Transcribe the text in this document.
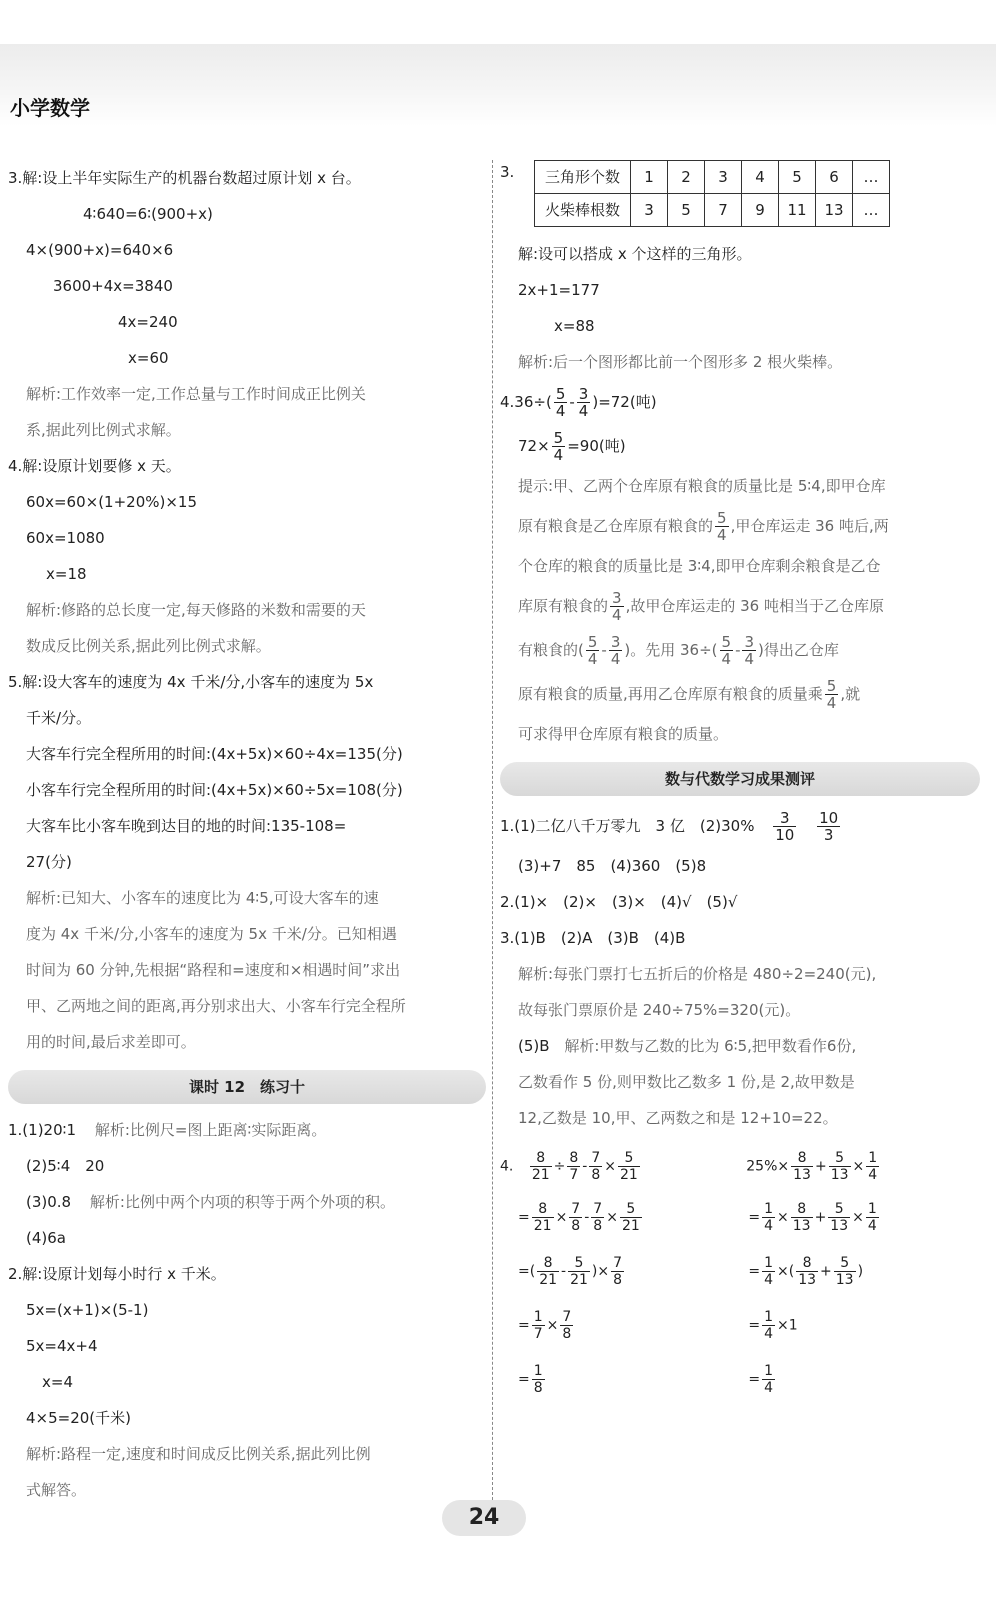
小学数学
3.解:设上半年实际生产的机器台数超过原计划 x 台。
4∶640=6∶(900+x)
4×(900+x)=640×6
3600+4x=3840
4x=240
x=60
解析:工作效率一定,工作总量与工作时间成正比例关
系,据此列比例式求解。
4.解:设原计划要修 x 天。
60x=60×(1+20%)×15
60x=1080
x=18
解析:修路的总长度一定,每天修路的米数和需要的天
数成反比例关系,据此列比例式求解。
5.解:设大客车的速度为 4x 千米/分,小客车的速度为 5x
千米/分。
大客车行完全程所用的时间:(4x+5x)×60÷4x=135(分)
小客车行完全程所用的时间:(4x+5x)×60÷5x=108(分)
大客车比小客车晚到达目的地的时间:135-108=
27(分)
解析:已知大、小客车的速度比为 4∶5,可设大客车的速
度为 4x 千米/分,小客车的速度为 5x 千米/分。已知相遇
时间为 60 分钟,先根据“路程和=速度和×相遇时间”求出
甲、乙两地之间的距离,再分别求出大、小客车行完全程所
用的时间,最后求差即可。
课时 12　练习十
1.(1)20∶1 解析:比例尺=图上距离∶实际距离。
(2)5∶4　20
(3)0.8 解析:比例中两个内项的积等于两个外项的积。
(4)6a
2.解:设原计划每小时行 x 千米。
5x=(x+1)×(5-1)
5x=4x+4
x=4
4×5=20(千米)
解析:路程一定,速度和时间成反比例关系,据此列比例
式解答。
3. 三角形个数	1	2	3	4	5	6	…
火柴棒根数	3	5	7	9	11	13	…
解:设可以搭成 x 个这样的三角形。
2x+1=177
x=88
解析:后一个图形都比前一个图形多 2 根火柴棒。
$4.36\div( \frac{5}{4} - \frac{3}{4} )=72$(吨)
$72\times \frac{5}{4} =90$(吨)
提示:甲、乙两个仓库原有粮食的质量比是 5∶4,即甲仓库
原有粮食是乙仓库原有粮食的 $\frac{5}{4}$ ,甲仓库运走 36 吨后,两
个仓库的粮食的质量比是 3∶4,即甲仓库剩余粮食是乙仓
库原有粮食的 $\frac{3}{4}$ ,故甲仓库运走的 36 吨相当于乙仓库原
有粮食的( $\frac{5}{4} - \frac{3}{4}$ )。先用 $36\div( \frac{5}{4} - \frac{3}{4}$ )得出乙仓库
原有粮食的质量,再用乙仓库原有粮食的质量乘 $\frac{5}{4}$ ,就
可求得甲仓库原有粮食的质量。
数与代数学习成果测评
1.(1)二亿八千万零九　3 亿　$(2)30\% \frac{3}{10}$
$\frac{10}{3}$
(3)+7　85　(4)360　(5)8
2.(1)×　(2)×　(3)×　(4)√　(5)√
3.(1)B　(2)A　(3)B　(4)B
解析:每张门票打七五折后的价格是 480÷2=240(元),
故每张门票原价是 240÷75%=320(元)。
(5)B 解析:甲数与乙数的比为 6∶5,把甲数看作6份,
乙数看作 5 份,则甲数比乙数多 1 份,是 2,故甲数是
12,乙数是 10,甲、乙两数之和是 12+10=22。
4. $\frac{8}{21} \div \frac{8}{7} - \frac{7}{8} \times \frac{5}{21}$	$25\%\times \frac{8}{13} + \frac{5}{13} \times \frac{1}{4}$
= $\frac{8}{21} \times \frac{7}{8} - \frac{7}{8} \times \frac{5}{21}$	= $\frac{1}{4} \times \frac{8}{13} + \frac{5}{13} \times \frac{1}{4}$
=( $\frac{8}{21} - \frac{5}{21}$ )× $\frac{7}{8}$	= $\frac{1}{4}$ ×( $\frac{8}{13} + \frac{5}{13}$ )
= $\frac{1}{7} \times \frac{7}{8}$	= $\frac{1}{4} \times 1$
= $\frac{1}{8}$	= $\frac{1}{4}$
24
